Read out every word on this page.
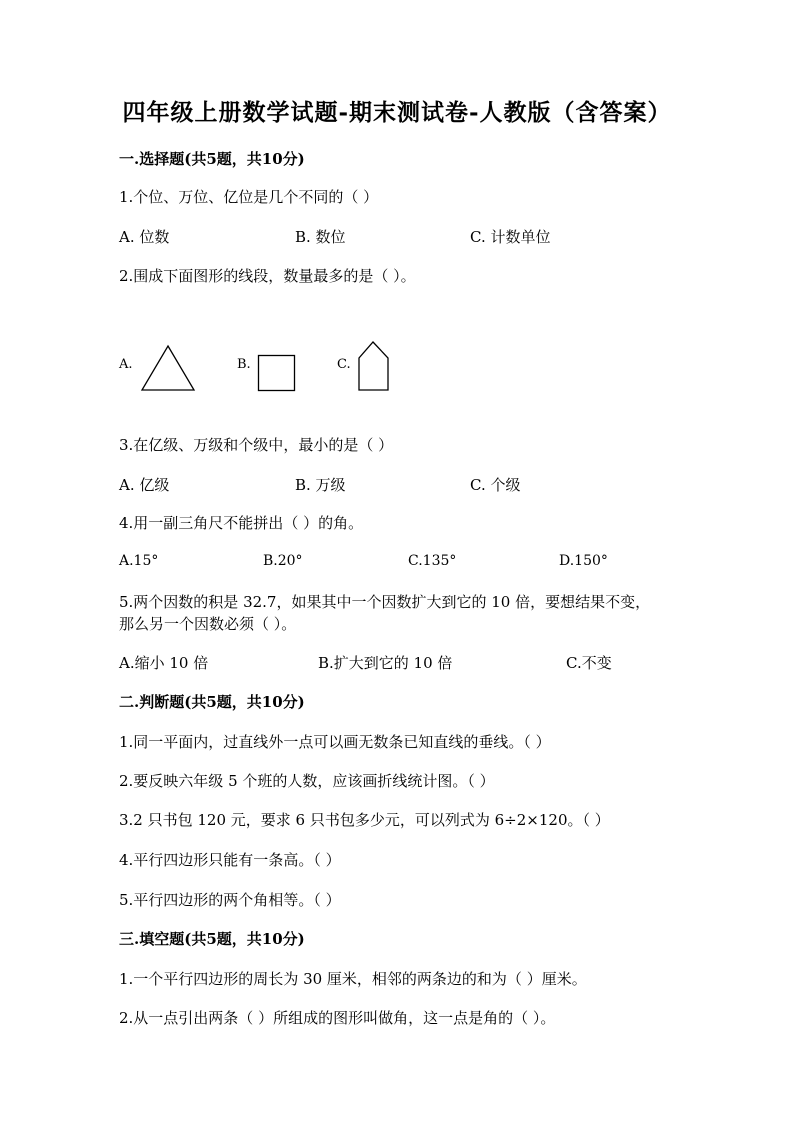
四年级上册数学试题-期末测试卷-人教版（含答案）
一.选择题(共5题，共10分)
1.个位、万位、亿位是几个不同的（ ）
A. 位数	B. 数位	C. 计数单位
2.围成下面图形的线段，数量最多的是（ ）。
A.	B.	C.
3.在亿级、万级和个级中，最小的是（ ）
A. 亿级	B. 万级	C. 个级
4.用一副三角尺不能拼出（ ）的角。
A.15°	B.20°	C.135°	D.150°
5.两个因数的积是 32.7，如果其中一个因数扩大到它的 10 倍，要想结果不变，
那么另一个因数必须（ ）。
A.缩小 10 倍	B.扩大到它的 10 倍	C.不变
二.判断题(共5题，共10分)
1.同一平面内，过直线外一点可以画无数条已知直线的垂线。（ ）
2.要反映六年级 5 个班的人数，应该画折线统计图。（ ）
3.2 只书包 120 元，要求 6 只书包多少元，可以列式为 6÷2×120。（ ）
4.平行四边形只能有一条高。（ ）
5.平行四边形的两个角相等。（ ）
三.填空题(共5题，共10分)
1.一个平行四边形的周长为 30 厘米，相邻的两条边的和为（ ）厘米。
2.从一点引出两条（ ）所组成的图形叫做角，这一点是角的（ ）。
